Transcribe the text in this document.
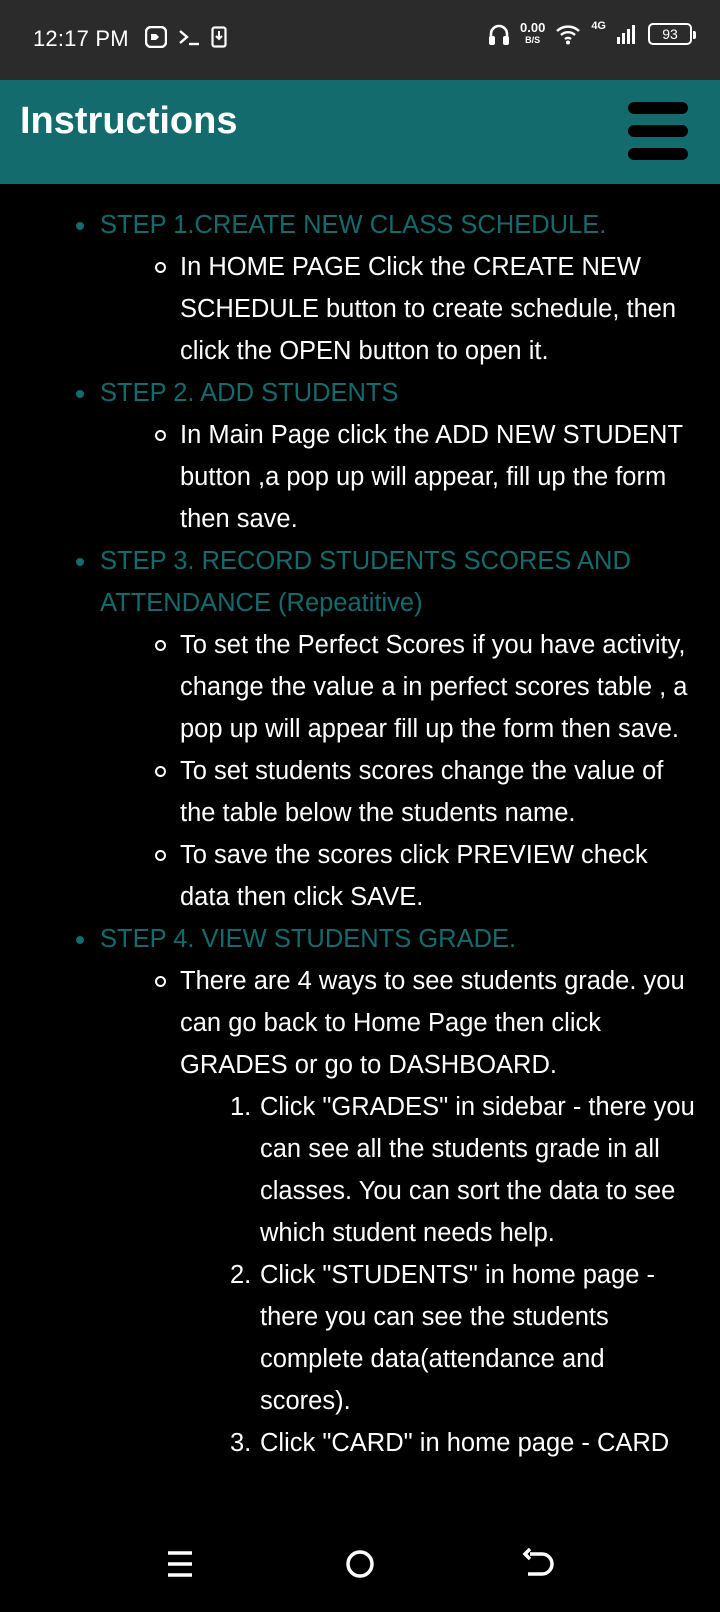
12:17 PM	0.00
B/S
4G	93
Instructions
STEP 1.CREATE NEW CLASS SCHEDULE.
In HOME PAGE Click the CREATE NEW SCHEDULE button to create schedule, then click the OPEN button to open it.
STEP 2. ADD STUDENTS
In Main Page click the ADD NEW STUDENT button ,a pop up will appear, fill up the form then save.
STEP 3. RECORD STUDENTS SCORES AND ATTENDANCE (Repeatitive)
To set the Perfect Scores if you have activity, change the value a in perfect scores table , a pop up will appear fill up the form then save.
To set students scores change the value of the table below the students name.
To save the scores click PREVIEW check data then click SAVE.
STEP 4. VIEW STUDENTS GRADE.
There are 4 ways to see students grade. you can go back to Home Page then click GRADES or go to DASHBOARD.
1. Click "GRADES" in sidebar - there you can see all the students grade in all classes. You can sort the data to see which student needs help.
2. Click "STUDENTS" in home page - there you can see the students complete data(attendance and scores).
3. Click "CARD" in home page - CARD
